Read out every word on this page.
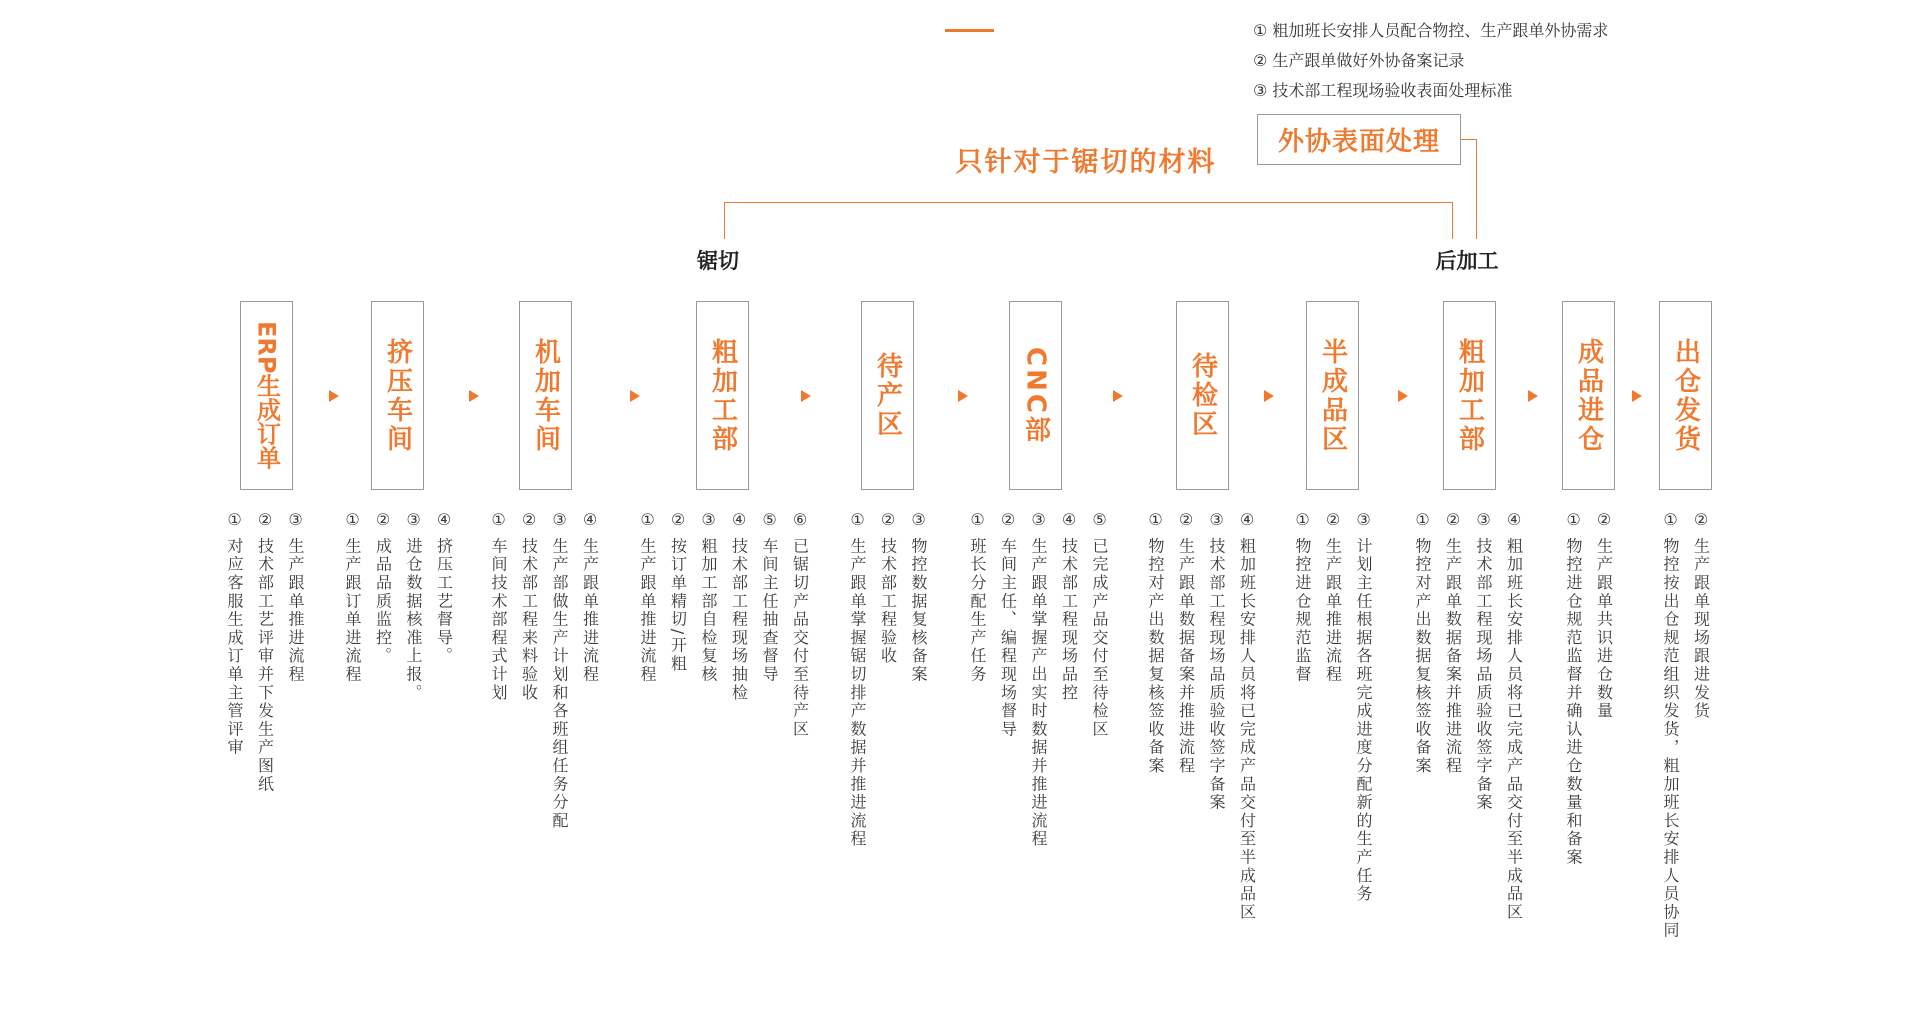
① 粗加班长安排人员配合物控、生产跟单外协需求
② 生产跟单做好外协备案记录
③ 技术部工程现场验收表面处理标准
外协表面处理
只针对于锯切的材料
锯切	后加工
ERP生成订单
①对应客服生成订单主管评审
②技术部工艺评审并下发生产图纸
③生产跟单推进流程
挤压车间
①生产跟订单进流程
②成品品质监控。
③进仓数据核准上报。
④挤压工艺督导。
机加车间
①车间技术部程式计划
②技术部工程来料验收
③生产部做生产计划和各班组任务分配
④生产跟单推进流程
粗加工部
①生产跟单推进流程
②按订单精切/开粗
③粗加工部自检复核
④技术部工程现场抽检
⑤车间主任抽查督导
⑥已锯切产品交付至待产区
待产区
①生产跟单掌握锯切排产数据并推进流程
②技术部工程验收
③物控数据复核备案
CNC部
①班长分配生产任务
②车间主任、编程现场督导
③生产跟单掌握产出实时数据并推进流程
④技术部工程现场品控
⑤已完成产品交付至待检区
待检区
①物控对产出数据复核签收备案
②生产跟单数据备案并推进流程
③技术部工程现场品质验收签字备案
④粗加班长安排人员将已完成产品交付至半成品区
半成品区
①物控进仓规范监督
②生产跟单推进流程
③计划主任根据各班完成进度分配新的生产任务
粗加工部
①物控对产出数据复核签收备案
②生产跟单数据备案并推进流程
③技术部工程现场品质验收签字备案
④粗加班长安排人员将已完成产品交付至半成品区
成品进仓
①物控进仓规范监督并确认进仓数量和备案
②生产跟单共识进仓数量
出仓发货
①物控按出仓规范组织发货，粗加班长安排人员协同
②生产跟单现场跟进发货
